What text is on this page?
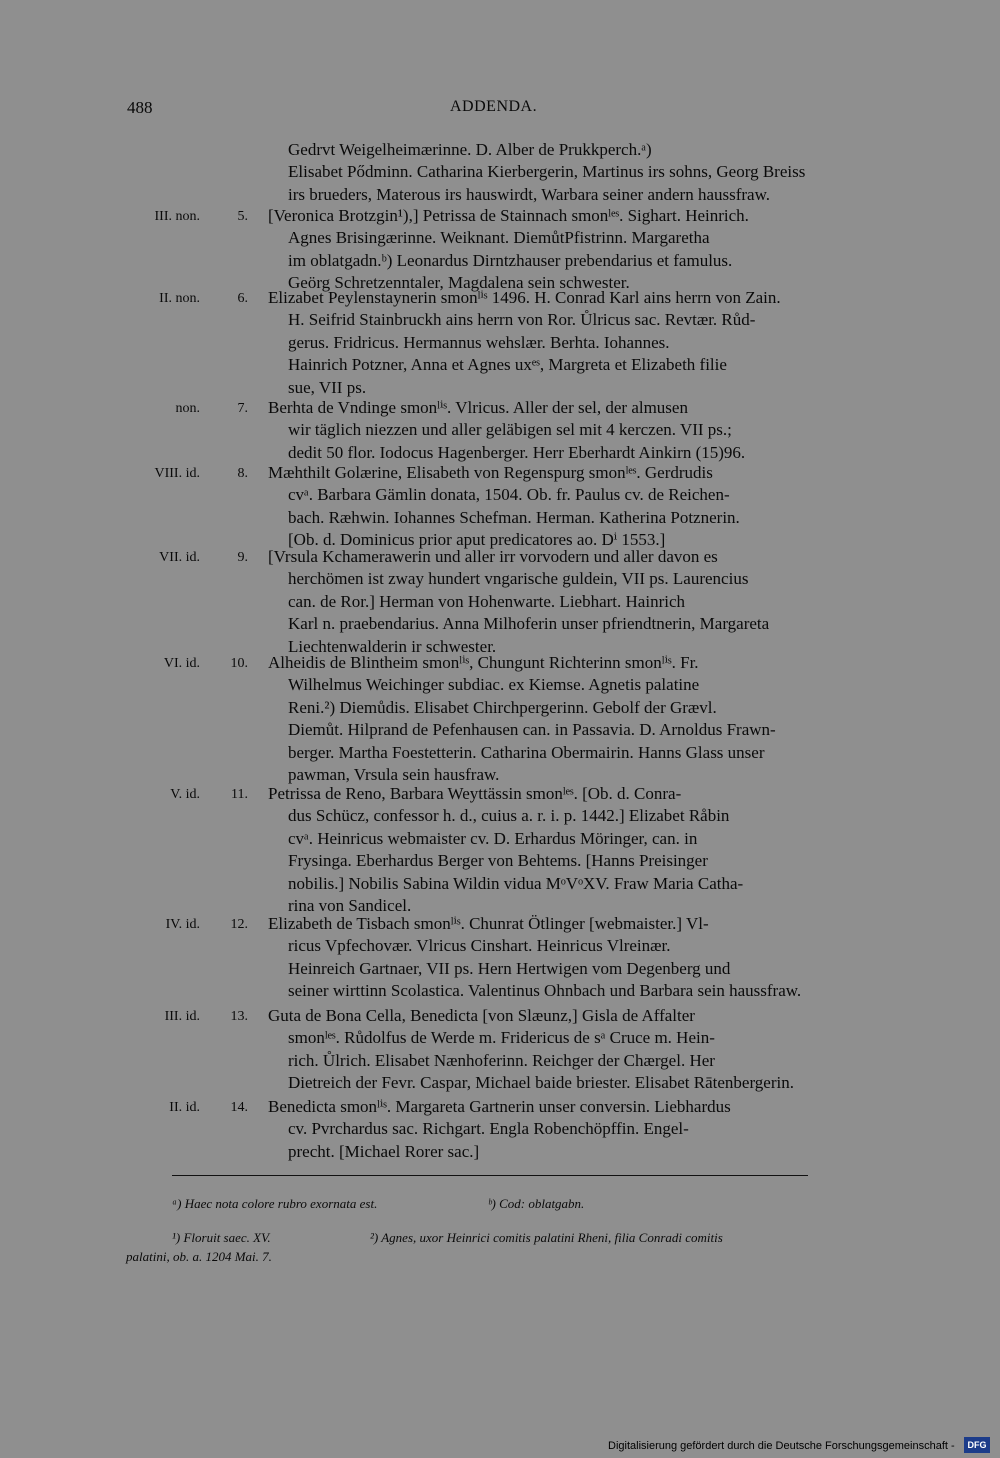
488	ADDENDA.
Gedrvt Weigelheimærinne. D. Alber de Prukkperch.ᵃ)
Elisabet Pődminn. Catharina Kierbergerin, Martinus irs sohns, Georg Breiss
irs brueders, Materous irs hauswirdt, Warbara seiner andern haussfraw.
III. non.	5. [Veronica Brotzgin¹),] Petrissa de Stainnach smonˡᵉˢ. Sighart. Heinrich.
Agnes Brisingærinne. Weiknant. DiemůtPfistrinn. Margaretha
im oblatgadn.ᵇ) Leonardus Dirntzhauser prebendarius et famulus.
Geörg Schretzenntaler, Magdalena sein schwester.
II. non.	6. Elizabet Peylenstaynerin smonˡⁱˢ 1496. H. Conrad Karl ains herrn von Zain.
H. Seifrid Stainbruckh ains herrn von Ror. Ůlricus sac. Revtær. Růd-
gerus. Fridricus. Hermannus wehslær. Berhta. Iohannes.
Hainrich Potzner, Anna et Agnes uxᵉˢ, Margreta et Elizabeth filie
sue, VII ps.
non.	7. Berhta de Vndinge smonˡⁱˢ. Vlricus. Aller der sel, der almusen
wir täglich niezzen und aller geläbigen sel mit 4 kerczen. VII ps.;
dedit 50 flor. Iodocus Hagenberger. Herr Eberhardt Ainkirn (15)96.
VIII. id.	8. Mæhthilt Golærine, Elisabeth von Regenspurg smonˡᵉˢ. Gerdrudis
cvᵃ. Barbara Gämlin donata, 1504. Ob. fr. Paulus cv. de Reichen-
bach. Ræhwin. Iohannes Schefman. Herman. Katherina Potznerin.
[Ob. d. Dominicus prior aput predicatores ao. Dⁱ 1553.]
VII. id.	9. [Vrsula Kchamerawerin und aller irr vorvodern und aller davon es
herchömen ist zway hundert vngarische guldein, VII ps. Laurencius
can. de Ror.] Herman von Hohenwarte. Liebhart. Hainrich
Karl n. praebendarius. Anna Milhoferin unser pfriendtnerin, Margareta
Liechtenwalderin ir schwester.
VI. id.	10. Alheidis de Blintheim smonˡⁱˢ, Chungunt Richterinn smonˡⁱˢ. Fr.
Wilhelmus Weichinger subdiac. ex Kiemse. Agnetis palatine
Reni.²) Diemůdis. Elisabet Chirchpergerinn. Gebolf der Grævl.
Diemůt. Hilprand de Pefenhausen can. in Passavia. D. Arnoldus Frawn-
berger. Martha Foestetterin. Catharina Obermairin. Hanns Glass unser
pawman, Vrsula sein hausfraw.
V. id.	11. Petrissa de Reno, Barbara Weyttässin smonˡᵉˢ. [Ob. d. Conra-
dus Schücz, confessor h. d., cuius a. r. i. p. 1442.] Elizabet Råbin
cvᵃ. Heinricus webmaister cv. D. Erhardus Möringer, can. in
Frysinga. Eberhardus Berger von Behtems. [Hanns Preisinger
nobilis.] Nobilis Sabina Wildin vidua MᵒVᵒXV. Fraw Maria Catha-
rina von Sandicel.
IV. id.	12. Elizabeth de Tisbach smonˡⁱˢ. Chunrat Ötlinger [webmaister.] Vl-
ricus Vpfechovær. Vlricus Cinshart. Heinricus Vlreinær.
Heinreich Gartnaer, VII ps. Hern Hertwigen vom Degenberg und
seiner wirttinn Scolastica. Valentinus Ohnbach und Barbara sein haussfraw.
III. id.	13. Guta de Bona Cella, Benedicta [von Slæunz,] Gisla de Affalter
smonˡᵉˢ. Růdolfus de Werde m. Fridericus de sᵃ Cruce m. Hein-
rich. Ůlrich. Elisabet Nænhoferinn. Reichger der Chærgel. Her
Dietreich der Fevr. Caspar, Michael baide briester. Elisabet Rātenbergerin.
II. id.	14. Benedicta smonˡⁱˢ. Margareta Gartnerin unser conversin. Liebhardus
cv. Pvrchardus sac. Richgart. Engla Robenchöpffin. Engel-
precht. [Michael Rorer sac.]
ᵃ) Haec nota colore rubro exornata est.	ᵇ) Cod: oblatgabn.
¹) Floruit saec. XV.
palatini, ob. a. 1204 Mai. 7.
²) Agnes, uxor Heinrici comitis palatini Rheni, filia Conradi comitis
Digitalisierung gefördert durch die Deutsche Forschungsgemeinschaft -	DFG
